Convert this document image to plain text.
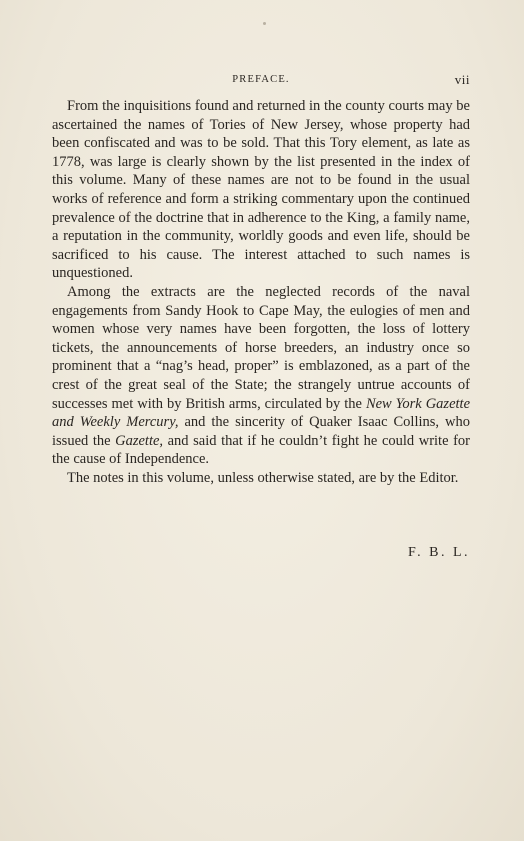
PREFACE.	vii

From the inquisitions found and returned in the county courts may be ascertained the names of Tories of New Jersey, whose property had been confiscated and was to be sold. That this Tory element, as late as 1778, was large is clearly shown by the list presented in the index of this volume. Many of these names are not to be found in the usual works of reference and form a striking commentary upon the continued prevalence of the doctrine that in adherence to the King, a family name, a reputation in the community, worldly goods and even life, should be sacrificed to his cause. The interest attached to such names is unquestioned.

Among the extracts are the neglected records of the naval engagements from Sandy Hook to Cape May, the eulogies of men and women whose very names have been forgotten, the loss of lottery tickets, the announcements of horse breeders, an industry once so prominent that a “nag’s head, proper” is emblazoned, as a part of the crest of the great seal of the State; the strangely untrue accounts of successes met with by British arms, circulated by the New York Gazette and Weekly Mercury, and the sincerity of Quaker Isaac Collins, who issued the Gazette, and said that if he couldn’t fight he could write for the cause of Independence.

The notes in this volume, unless otherwise stated, are by the Editor.

F. B. L.
